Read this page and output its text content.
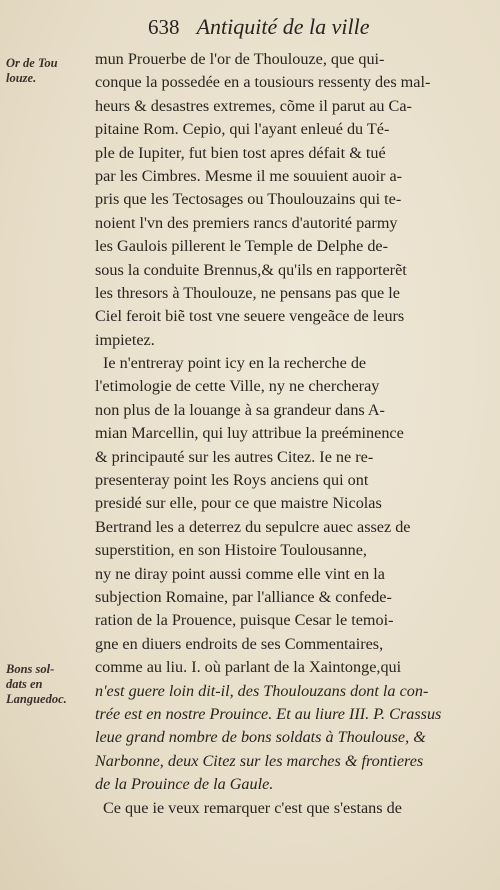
638 Antiquité de la ville
Or de Tou
louze.
Bons sol-
dats en
Languedoc.
mun Prouerbe de l'or de Thoulouze, que qui-
conque la possedée en a tousiours ressenty des mal-
heurs & desastres extremes, cõme il parut au Ca-
pitaine Rom. Cepio, qui l'ayant enleué du Té-
ple de Iupiter, fut bien tost apres défait & tué
par les Cimbres. Mesme il me souuient auoir a-
pris que les Tectosages ou Thoulouzains qui te-
noient l'vn des premiers rancs d'autorité parmy
les Gaulois pillerent le Temple de Delphe de-
sous la conduite Brennus,& qu'ils en rapporterẽt
les thresors à Thoulouze, ne pensans pas que le
Ciel feroit biẽ tost vne seuere vengeãce de leurs
impietez.
Ie n'entreray point icy en la recherche de
l'etimologie de cette Ville, ny ne chercheray
non plus de la louange à sa grandeur dans A-
mian Marcellin, qui luy attribue la preéminence
& principauté sur les autres Citez. Ie ne re-
presenteray point les Roys anciens qui ont
presidé sur elle, pour ce que maistre Nicolas
Bertrand les a deterrez du sepulcre auec assez de
superstition, en son Histoire Toulousanne,
ny ne diray point aussi comme elle vint en la
subjection Romaine, par l'alliance & confede-
ration de la Prouence, puisque Cesar le temoi-
gne en diuers endroits de ses Commentaires,
comme au liu. I. où parlant de la Xaintonge,qui
n'est guere loin dit-il, des Thoulouzans dont la con-
trée est en nostre Prouince. Et au liure III. P. Crassus
leue grand nombre de bons soldats à Thoulouse, &
Narbonne, deux Citez sur les marches & frontieres
de la Prouince de la Gaule.
Ce que ie veux remarquer c'est que s'estans de
